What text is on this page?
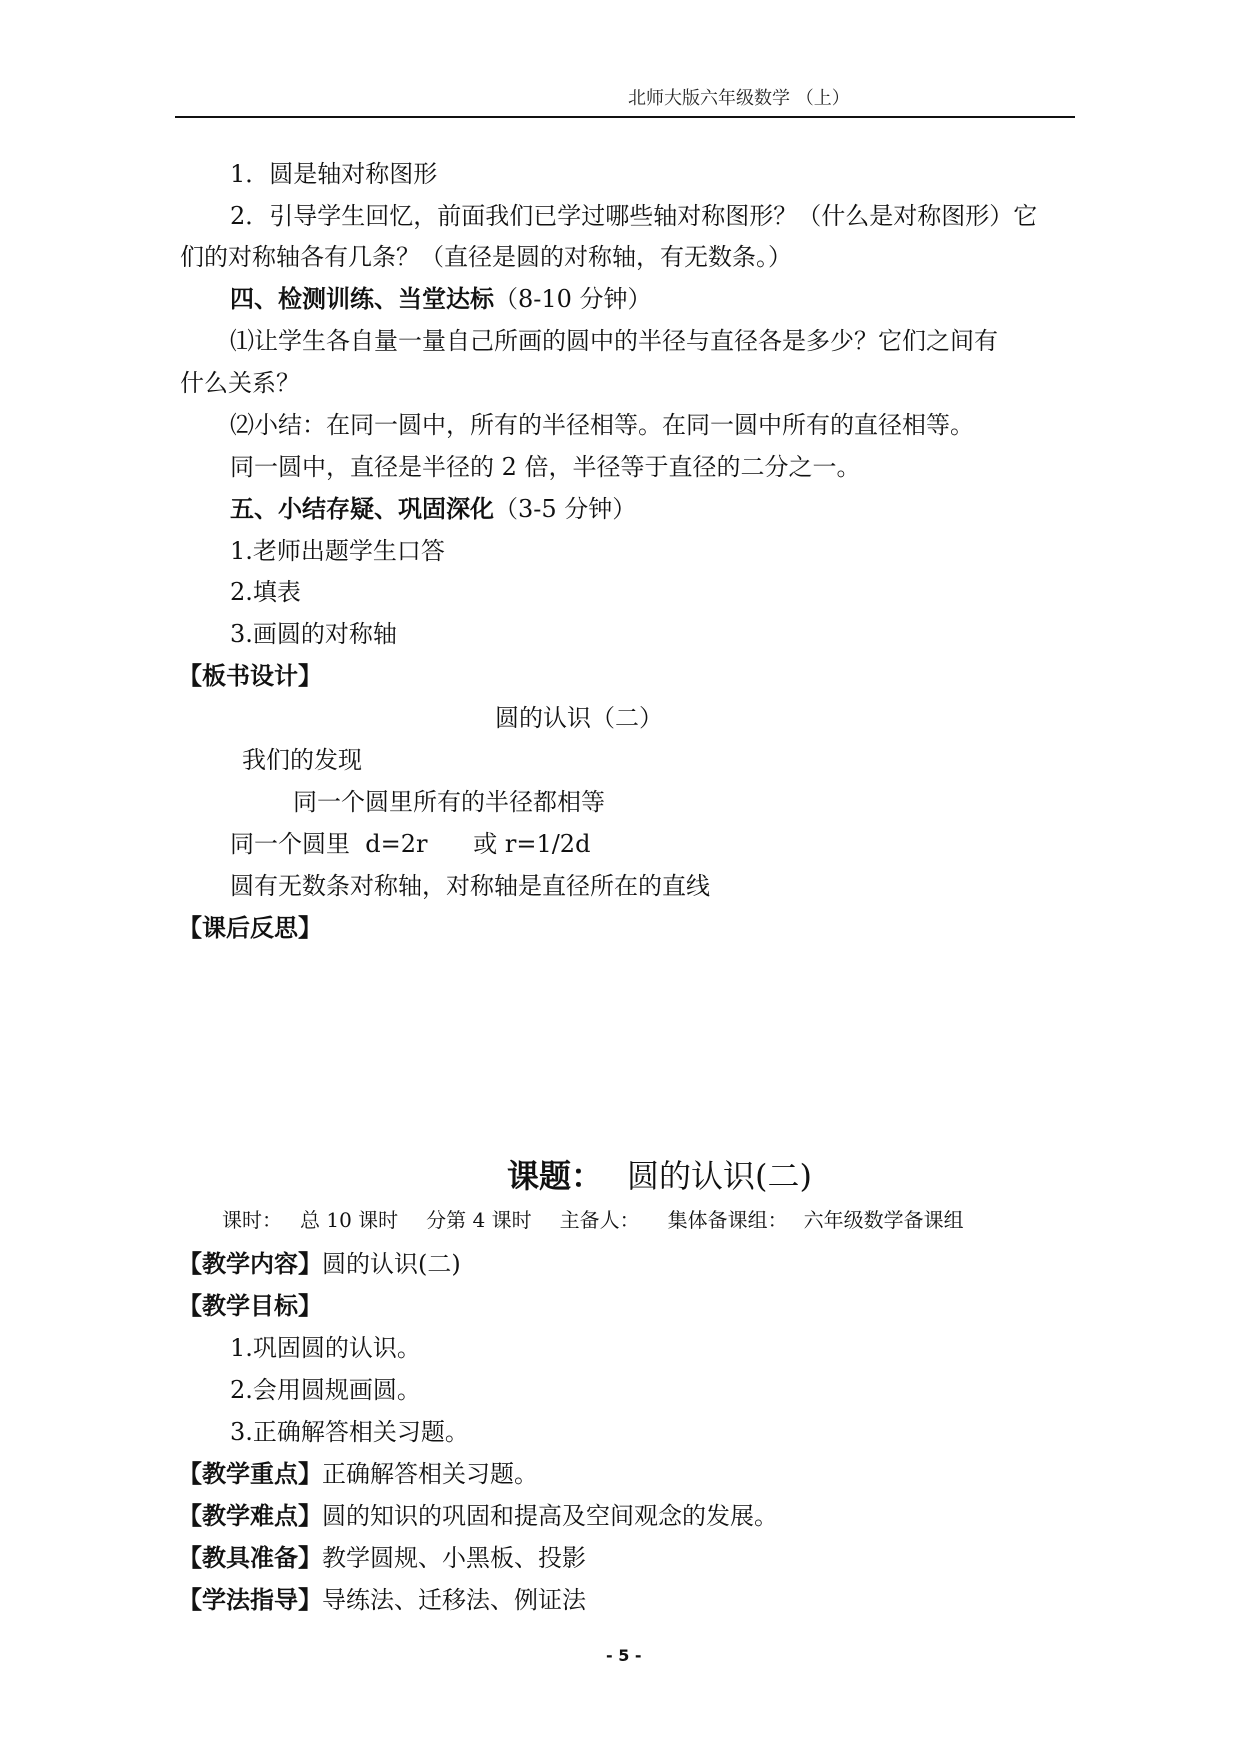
北师大版六年级数学 （上）
1．圆是轴对称图形
2．引导学生回忆，前面我们已学过哪些轴对称图形？（什么是对称图形）它
们的对称轴各有几条？（直径是圆的对称轴，有无数条。）
四、检测训练、当堂达标（8-10 分钟）
⑴让学生各自量一量自己所画的圆中的半径与直径各是多少？它们之间有
什么关系？
⑵小结：在同一圆中，所有的半径相等。在同一圆中所有的直径相等。
同一圆中，直径是半径的 2 倍，半径等于直径的二分之一。
五、小结存疑、巩固深化（3-5 分钟）
1.老师出题学生口答
2.填表
3.画圆的对称轴
【板书设计】
圆的认识（二）
我们的发现
同一个圆里所有的半径都相等
同一个圆里  d=2r      或 r=1/2d
圆有无数条对称轴，对称轴是直径所在的直线
【课后反思】
课题： 圆的认识(二)
课时： 总 10 课时 分第 4 课时 主备人： 集体备课组： 六年级数学备课组
【教学内容】圆的认识(二)
【教学目标】
1.巩固圆的认识。
2.会用圆规画圆。
3.正确解答相关习题。
【教学重点】正确解答相关习题。
【教学难点】圆的知识的巩固和提高及空间观念的发展。
【教具准备】教学圆规、小黑板、投影
【学法指导】导练法、迁移法、例证法
- 5 -
